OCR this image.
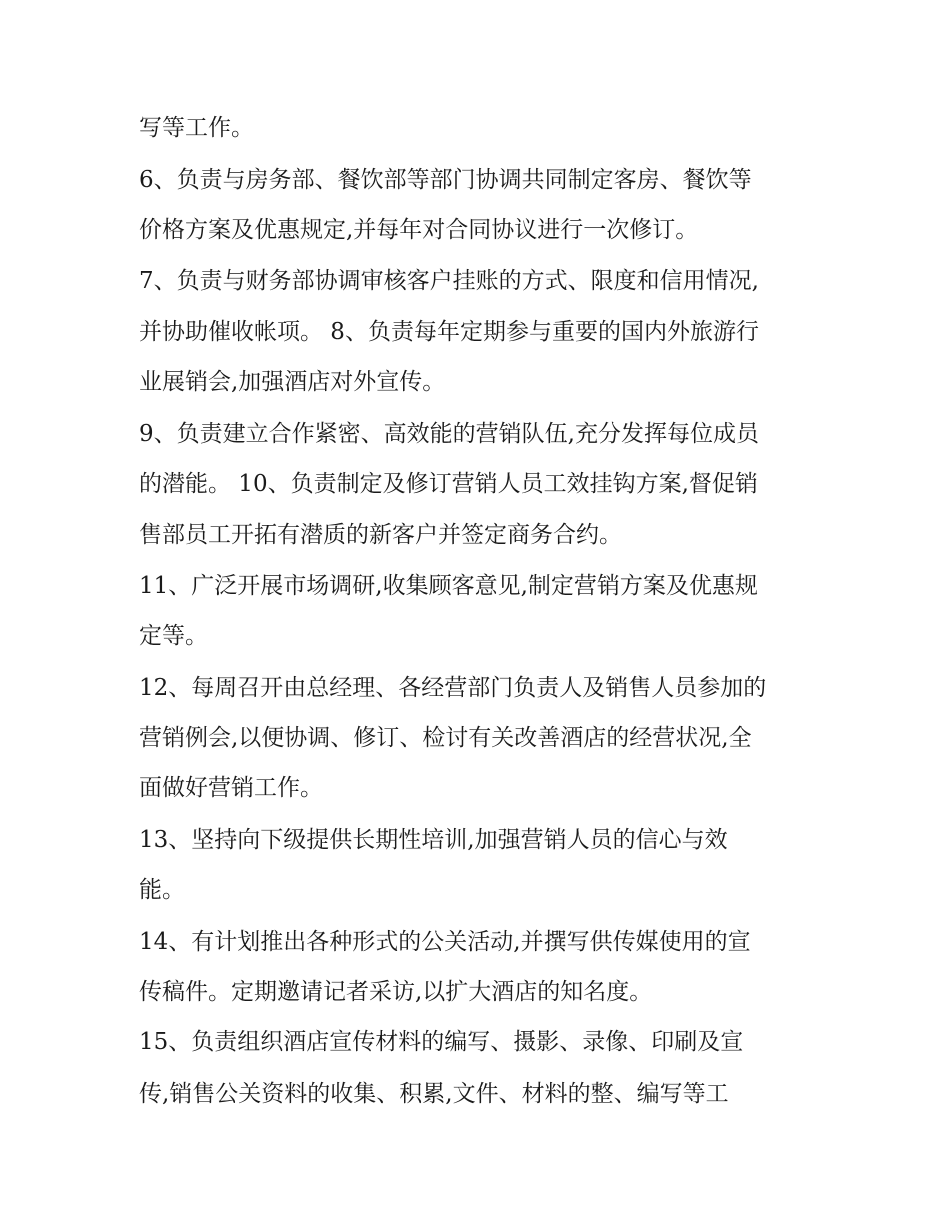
写等工作。
6、负责与房务部、餐饮部等部门协调共同制定客房、餐饮等
价格方案及优惠规定,并每年对合同协议进行一次修订。
7、负责与财务部协调审核客户挂账的方式、限度和信用情况,
并协助催收帐项。 8、负责每年定期参与重要的国内外旅游行
业展销会,加强酒店对外宣传。
9、负责建立合作紧密、高效能的营销队伍,充分发挥每位成员
的潜能。 10、负责制定及修订营销人员工效挂钩方案,督促销
售部员工开拓有潜质的新客户并签定商务合约。
11、广泛开展市场调研,收集顾客意见,制定营销方案及优惠规
定等。
12、每周召开由总经理、各经营部门负责人及销售人员参加的
营销例会,以便协调、修订、检讨有关改善酒店的经营状况,全
面做好营销工作。
13、坚持向下级提供长期性培训,加强营销人员的信心与效
能。
14、有计划推出各种形式的公关活动,并撰写供传媒使用的宣
传稿件。定期邀请记者采访,以扩大酒店的知名度。
15、负责组织酒店宣传材料的编写、摄影、录像、印刷及宣
传,销售公关资料的收集、积累,文件、材料的整、编写等工
